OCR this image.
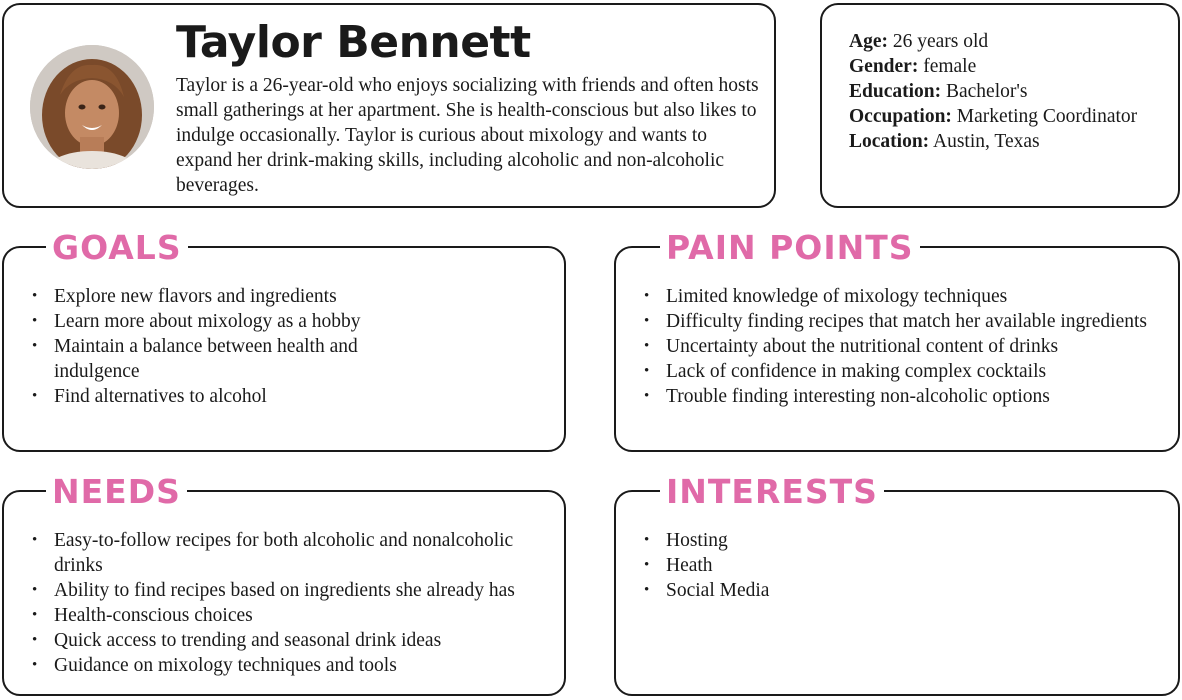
Taylor Bennett

Taylor is a 26-year-old who enjoys socializing with friends and often hosts small gatherings at her apartment. She is health-conscious but also likes to indulge occasionally. Taylor is curious about mixology and wants to expand her drink-making skills, including alcoholic and non-alcoholic beverages.

Age: 26 years old
Gender: female
Education: Bachelor's
Occupation: Marketing Coordinator
Location: Austin, Texas
GOALS
• Explore new flavors and ingredients
• Learn more about mixology as a hobby
• Maintain a balance between health and indulgence
• Find alternatives to alcohol
PAIN POINTS
• Limited knowledge of mixology techniques
• Difficulty finding recipes that match her available ingredients
• Uncertainty about the nutritional content of drinks
• Lack of confidence in making complex cocktails
• Trouble finding interesting non-alcoholic options
NEEDS
• Easy-to-follow recipes for both alcoholic and nonalcoholic drinks
• Ability to find recipes based on ingredients she already has
• Health-conscious choices
• Quick access to trending and seasonal drink ideas
• Guidance on mixology techniques and tools
INTERESTS
• Hosting
• Heath
• Social Media
